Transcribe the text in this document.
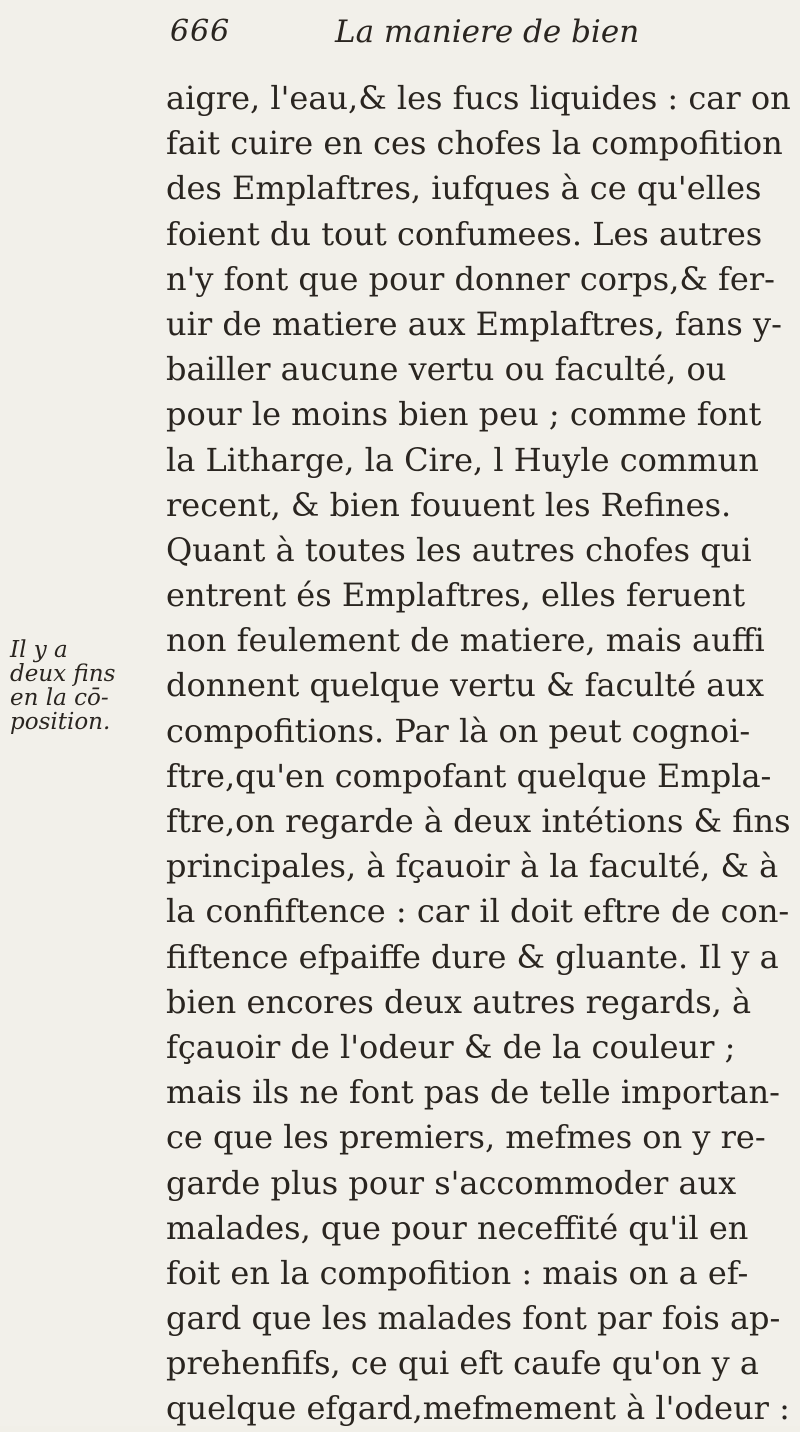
666	La maniere de bien
Il y a
deux fins
en la cō-
position.
aigre, l'eau,& les fucs liquides : car on
fait cuire en ces chofes la compofition
des Emplaftres, iufques à ce qu'elles
foient du tout confumees. Les autres
n'y font que pour donner corps,& fer-
uir de matiere aux Emplaftres, fans y-
bailler aucune vertu ou faculté, ou
pour le moins bien peu ; comme font
la Litharge, la Cire, l Huyle commun
recent, & bien fouuent les Refines.
Quant à toutes les autres chofes qui
entrent és Emplaftres, elles feruent
non feulement de matiere, mais auffi
donnent quelque vertu & faculté aux
compofitions. Par là on peut cognoi-
ftre,qu'en compofant quelque Empla-
ftre,on regarde à deux intétions & fins
principales, à fçauoir à la faculté, & à
la confiftence : car il doit eftre de con-
fiftence efpaiffe dure & gluante. Il y a
bien encores deux autres regards, à
fçauoir de l'odeur & de la couleur ;
mais ils ne font pas de telle importan-
ce que les premiers, mefmes on y re-
garde plus pour s'accommoder aux
malades, que pour neceffité qu'il en
foit en la compofition : mais on a ef-
gard que les malades font par fois ap-
prehenfifs, ce qui eft caufe qu'on y a
quelque efgard,mefmement à l'odeur :
